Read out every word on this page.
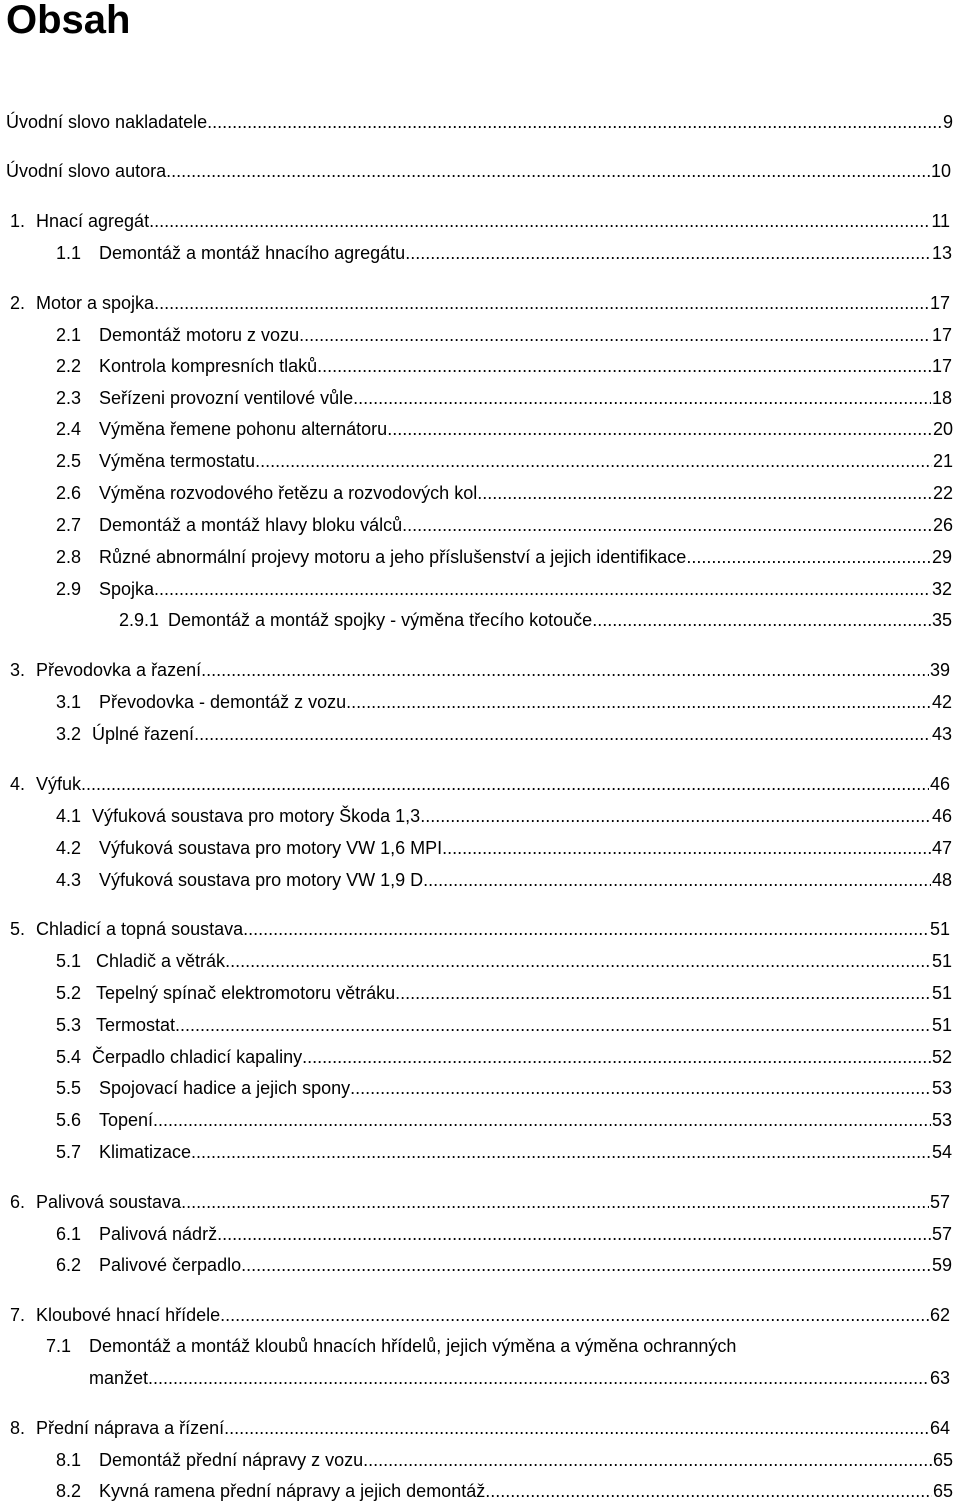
Obsah
Úvodní slovo nakladatele .....	9
Úvodní slovo autora .....	10
1. Hnací agregát .....	11
1.1 Demontáž a montáž hnacího agregátu .....	13
2. Motor a spojka .....	17
2.1 Demontáž motoru z vozu .....	17
2.2 Kontrola kompresních tlaků .....	17
2.3 Seřízeni provozní ventilové vůle .....	18
2.4 Výměna řemene pohonu alternátoru .....	20
2.5 Výměna termostatu .....	21
2.6 Výměna rozvodového řetězu a rozvodových kol .....	22
2.7 Demontáž a montáž hlavy bloku válců .....	26
2.8 Různé abnormální projevy motoru a jeho příslušenství a jejich identifikace .....	29
2.9 Spojka .....	32
2.9.1 Demontáž a montáž spojky - výměna třecího kotouče .....	35
3. Převodovka a řazení .....	39
3.1 Převodovka - demontáž z vozu .....	42
3.2 Úplné řazení .....	43
4. Výfuk .....	46
4.1 Výfuková soustava pro motory Škoda 1,3 .....	46
4.2 Výfuková soustava pro motory VW 1,6 MPI .....	47
4.3 Výfuková soustava pro motory VW 1,9 D .....	48
5. Chladicí a topná soustava .....	51
5.1 Chladič a větrák .....	51
5.2 Tepelný spínač elektromotoru větráku .....	51
5.3 Termostat .....	51
5.4 Čerpadlo chladicí kapaliny .....	52
5.5 Spojovací hadice a jejich spony .....	53
5.6 Topení .....	53
5.7 Klimatizace .....	54
6. Palivová soustava .....	57
6.1 Palivová nádrž .....	57
6.2 Palivové čerpadlo .....	59
7. Kloubové hnací hřídele .....	62
7.1 Demontáž a montáž kloubů hnacích hřídelů, jejich výměna a výměna ochranných
manžet .....	63
8. Přední náprava a řízení .....	64
8.1 Demontáž přední nápravy z vozu .....	65
8.2 Kyvná ramena přední nápravy a jejich demontáž .....	65
